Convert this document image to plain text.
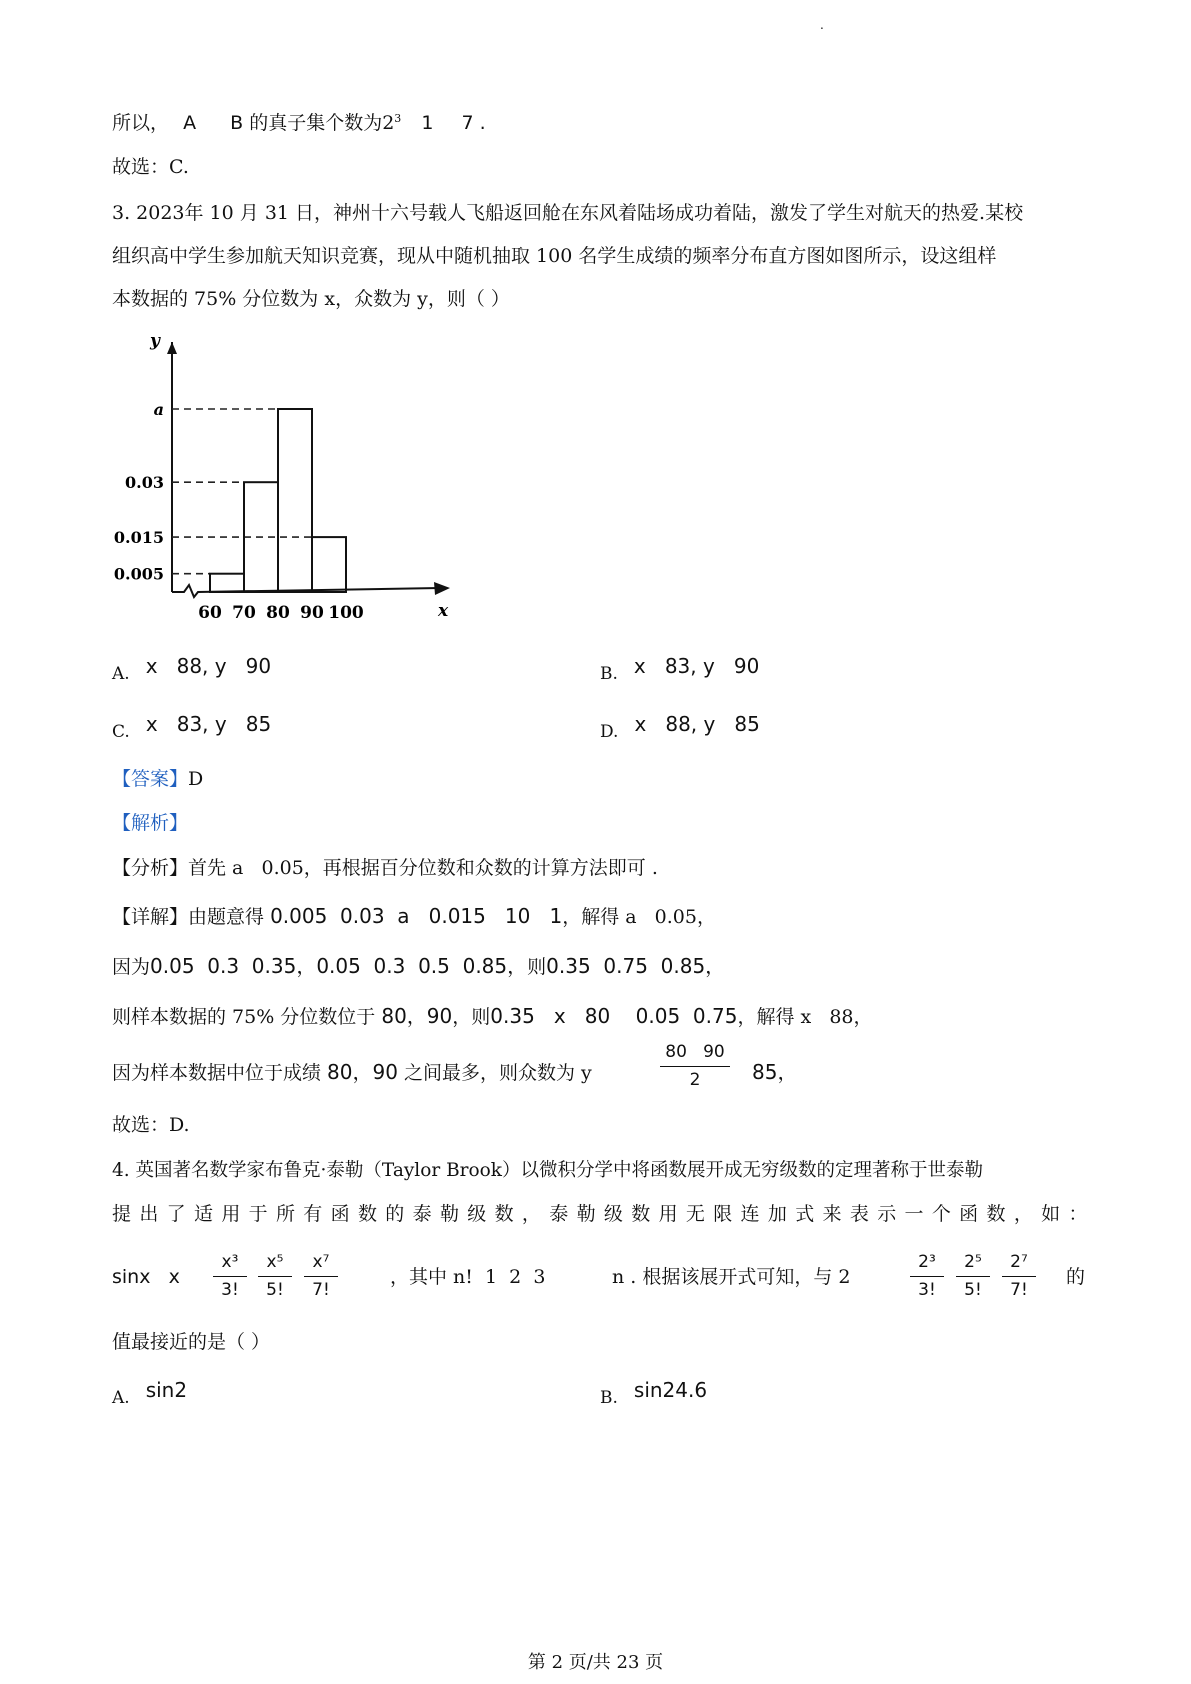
.
所以， A B 的真子集个数为$2^3$ 1 7 .
故选：C.
3. 2023年 10 月 31 日，神州十六号载人飞船返回舱在东风着陆场成功着陆，激发了学生对航天的热爱.某校
组织高中学生参加航天知识竞赛，现从中随机抽取 100 名学生成绩的频率分布直方图如图所示，设这组样
本数据的 75% 分位数为 x，众数为 y，则（ ）
y
x
0.005
0.03
a
0.015
60 70 80 90 100
A. x   88, y   90	B. x   83, y   90
C. x   83, y   85	D. x   88, y   85
【答案】D
【解析】
【分析】首先 a   0.05，再根据百分位数和众数的计算方法即可 .
【详解】由题意得 0.005  0.03  a   0.015   10   1，解得 a   0.05，
因为0.05  0.3  0.35，0.05  0.3  0.5  0.85，则0.35  0.75  0.85，
则样本数据的 75% 分位数位于 80，90，则0.35   x   80    0.05  0.75，解得 x   88，
因为样本数据中位于成绩 80，90 之间最多，则众数为 y
80   90
2	85，
故选：D.
4. 英国著名数学家布鲁克·泰勒（Taylor Brook）以微积分学中将函数展开成无穷级数的定理著称于世泰勒
提 出 了 适 用 于 所 有 函 数 的 泰 勒 级 数 ， 泰 勒 级 数 用 无 限 连 加 式 来 表 示 一 个 函 数 ， 如 ：
sinx   x
x³
3!
x⁵
5!
x⁷
7!
，其中 n!  1  2  3	n . 根据该展开式可知，与 2
2³
3!
2⁵
5!
2⁷
7!
的
值最接近的是（ ）
A. sin2	B. sin24.6
第 2 页/共 23 页
